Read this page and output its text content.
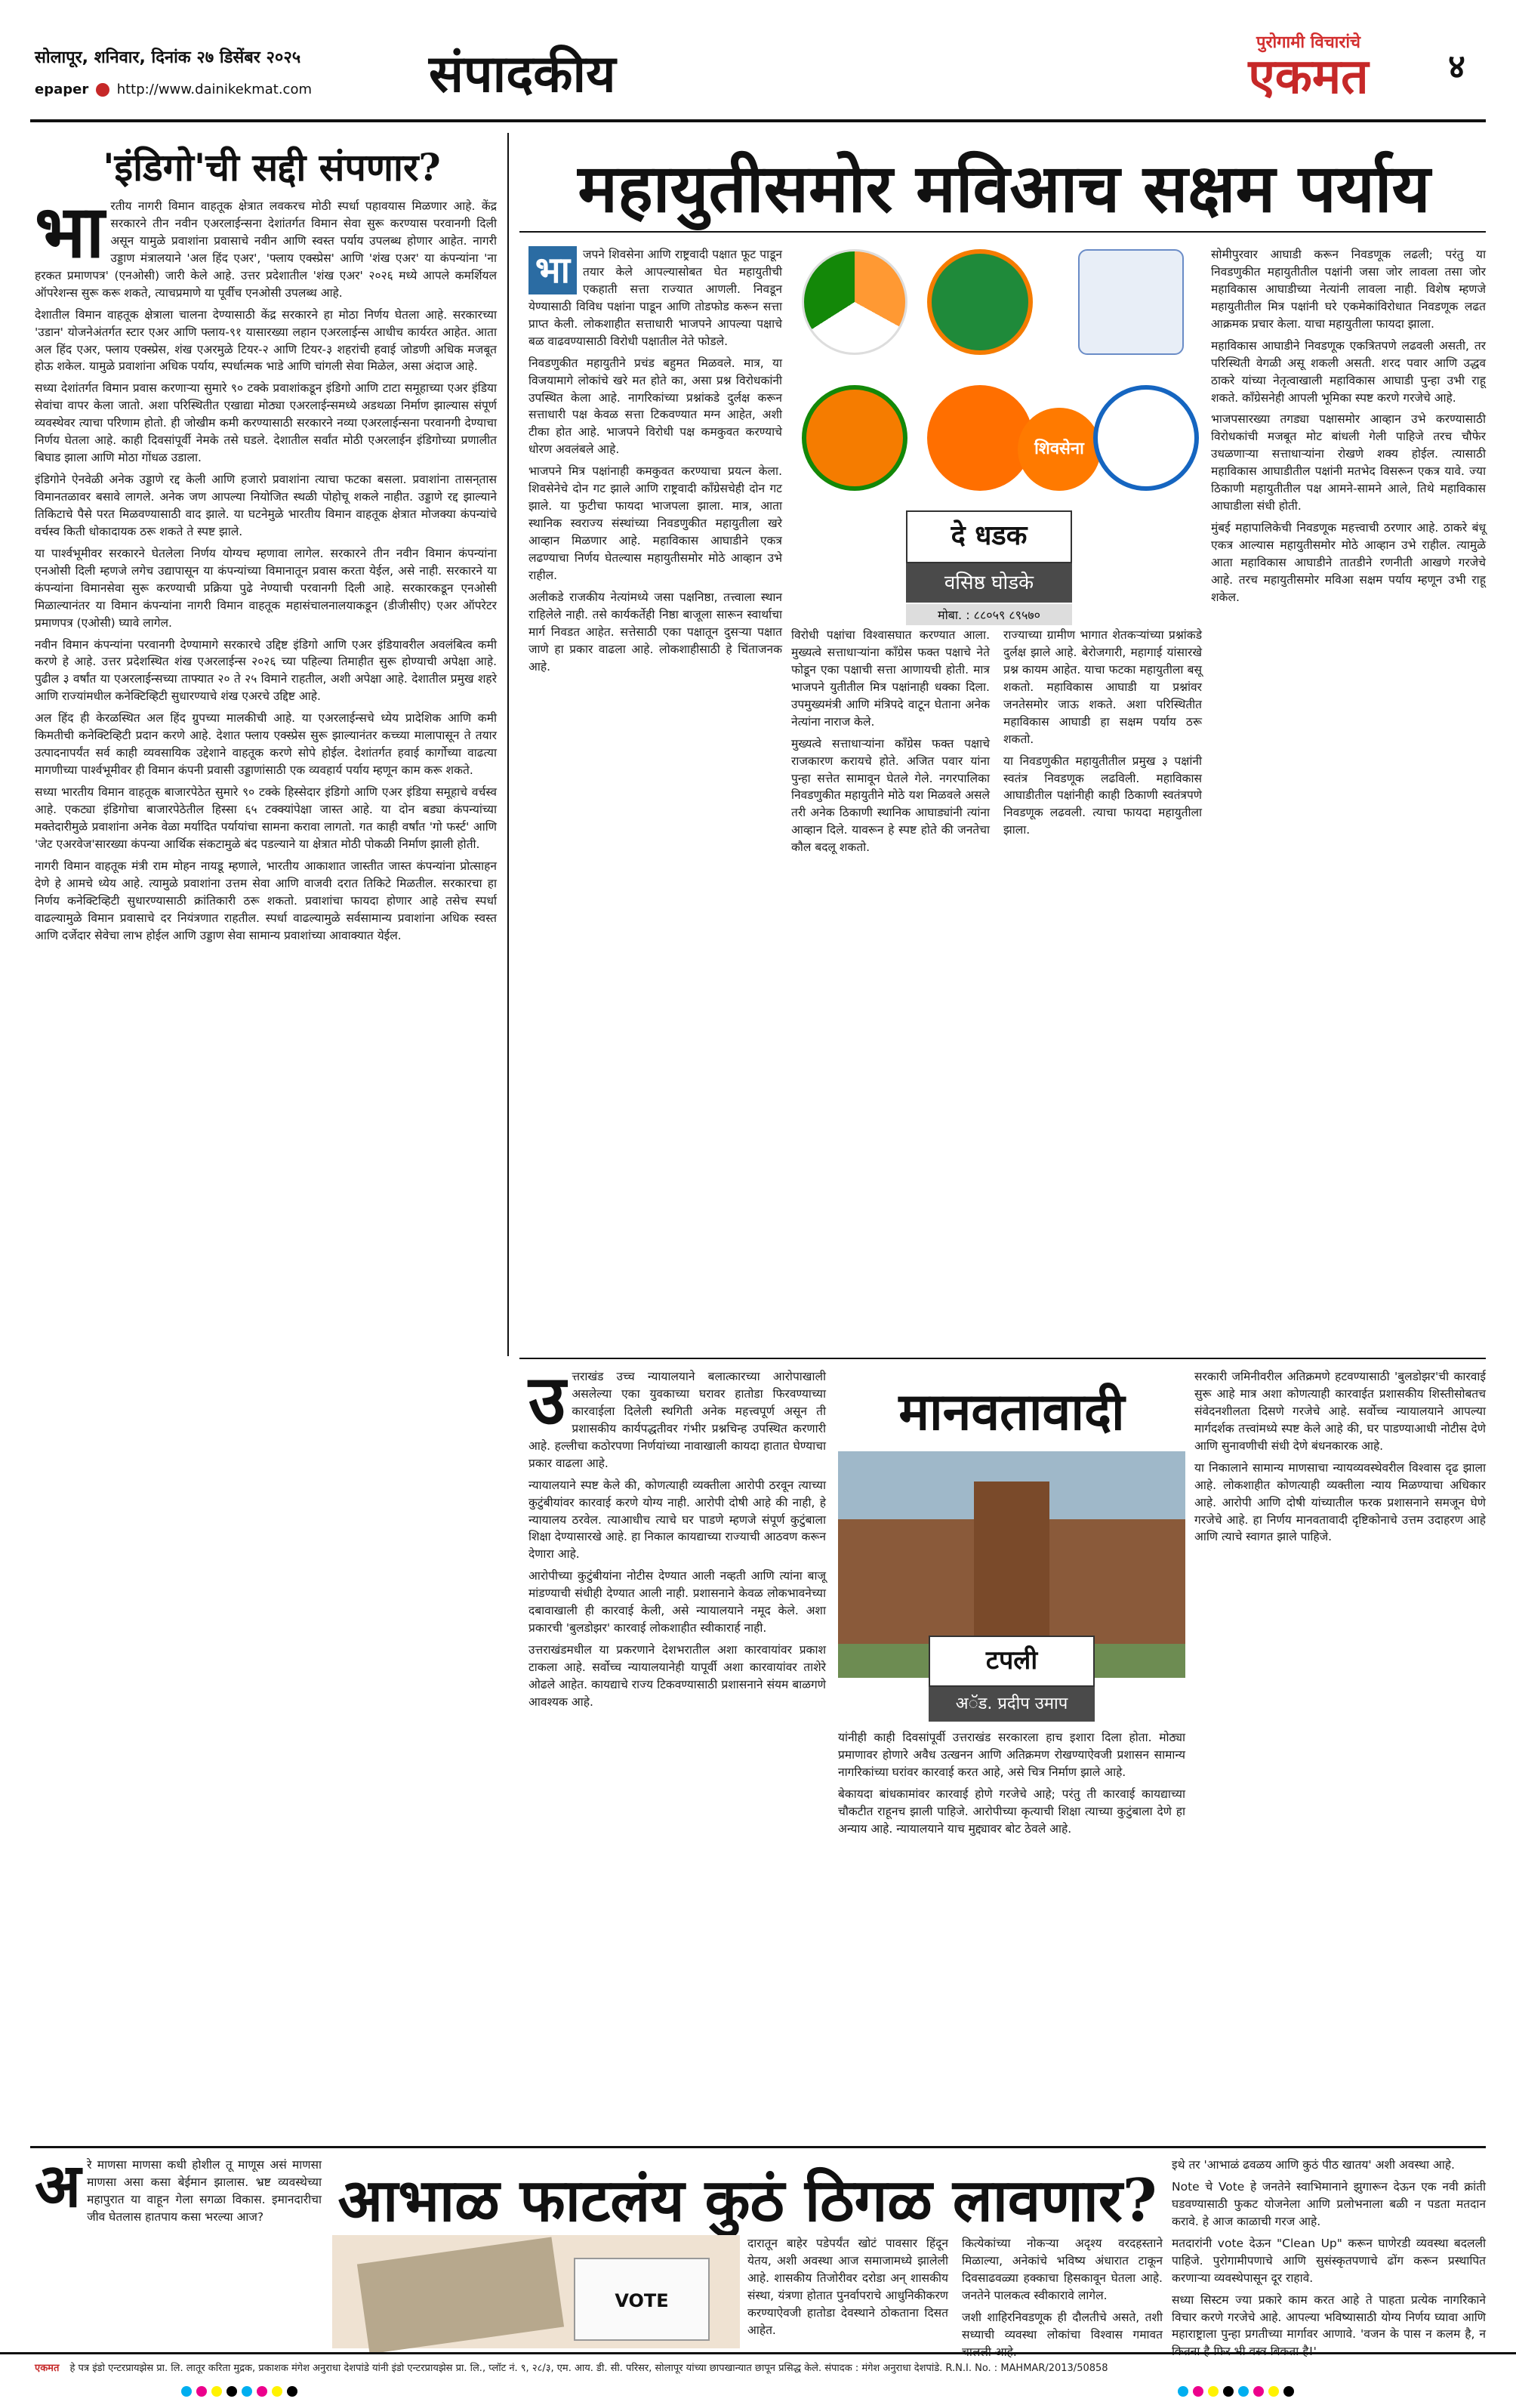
सोलापूर, शनिवार, दिनांक २७ डिसेंबर २०२५
epaper http://www.dainikekmat.com संपादकीय
पुरोगामी विचारांचे
एकमत	४
'इंडिगो'ची सद्दी संपणार?
भा रतीय नागरी विमान वाहतूक क्षेत्रात लवकरच मोठी स्पर्धा पहावयास मिळणार आहे. केंद्र सरकारने तीन नवीन एअरलाईन्सना देशांतर्गत विमान सेवा सुरू करण्यास परवानगी दिली असून यामुळे प्रवाशांना प्रवासाचे नवीन आणि स्वस्त पर्याय उपलब्ध होणार आहेत. नागरी उड्डाण मंत्रालयाने 'अल हिंद एअर', 'फ्लाय एक्स्प्रेस' आणि 'शंख एअर' या कंपन्यांना 'ना हरकत प्रमाणपत्र' (एनओसी) जारी केले आहे. उत्तर प्रदेशातील 'शंख एअर' २०२६ मध्ये आपले कमर्शियल ऑपरेशन्स सुरू करू शकते, त्याचप्रमाणे या पूर्वीच एनओसी उपलब्ध आहे.

देशातील विमान वाहतूक क्षेत्राला चालना देण्यासाठी केंद्र सरकारने हा मोठा निर्णय घेतला आहे. सरकारच्या 'उडान' योजनेअंतर्गत स्टार एअर आणि फ्लाय-९१ यासारख्या लहान एअरलाईन्स आधीच कार्यरत आहेत. आता अल हिंद एअर, फ्लाय एक्स्प्रेस, शंख एअरमुळे टियर-२ आणि टियर-३ शहरांची हवाई जोडणी अधिक मजबूत होऊ शकेल. यामुळे प्रवाशांना अधिक पर्याय, स्पर्धात्मक भाडे आणि चांगली सेवा मिळेल, असा अंदाज आहे.

सध्या देशांतर्गत विमान प्रवास करणाऱ्या सुमारे ९० टक्के प्रवाशांकडून इंडिगो आणि टाटा समूहाच्या एअर इंडिया सेवांचा वापर केला जातो. अशा परिस्थितीत एखाद्या मोठ्या एअरलाईन्समध्ये अडथळा निर्माण झाल्यास संपूर्ण व्यवस्थेवर त्याचा परिणाम होतो. ही जोखीम कमी करण्यासाठी सरकारने नव्या एअरलाईन्सना परवानगी देण्याचा निर्णय घेतला आहे. काही दिवसांपूर्वी नेमके तसे घडले. देशातील सर्वांत मोठी एअरलाईन इंडिगोच्या प्रणालीत बिघाड झाला आणि मोठा गोंधळ उडाला.

इंडिगोने ऐनवेळी अनेक उड्डाणे रद्द केली आणि हजारो प्रवाशांना त्याचा फटका बसला. प्रवाशांना तासन्‌तास विमानतळावर बसावे लागले. अनेक जण आपल्या नियोजित स्थळी पोहोचू शकले नाहीत. उड्डाणे रद्द झाल्याने तिकिटाचे पैसे परत मिळवण्यासाठी वाद झाले. या घटनेमुळे भारतीय विमान वाहतूक क्षेत्रात मोजक्या कंपन्यांचे वर्चस्व किती धोकादायक ठरू शकते ते स्पष्ट झाले.

या पार्श्वभूमीवर सरकारने घेतलेला निर्णय योग्यच म्हणावा लागेल. सरकारने तीन नवीन विमान कंपन्यांना एनओसी दिली म्हणजे लगेच उद्यापासून या कंपन्यांच्या विमानातून प्रवास करता येईल, असे नाही. सरकारने या कंपन्यांना विमानसेवा सुरू करण्याची प्रक्रिया पुढे नेण्याची परवानगी दिली आहे. सरकारकडून एनओसी मिळाल्यानंतर या विमान कंपन्यांना नागरी विमान वाहतूक महासंचालनालयाकडून (डीजीसीए) एअर ऑपरेटर प्रमाणपत्र (एओसी) घ्यावे लागेल.

नवीन विमान कंपन्यांना परवानगी देण्यामागे सरकारचे उद्दिष्ट इंडिगो आणि एअर इंडियावरील अवलंबित्व कमी करणे हे आहे. उत्तर प्रदेशस्थित शंख एअरलाईन्स २०२६ च्या पहिल्या तिमाहीत सुरू होण्याची अपेक्षा आहे. पुढील ३ वर्षांत या एअरलाईन्सच्या ताफ्यात २० ते २५ विमाने राहतील, अशी अपेक्षा आहे. देशातील प्रमुख शहरे आणि राज्यांमधील कनेक्टिव्हिटी सुधारण्याचे शंख एअरचे उद्दिष्ट आहे.

अल हिंद ही केरळस्थित अल हिंद ग्रुपच्या मालकीची आहे. या एअरलाईन्सचे ध्येय प्रादेशिक आणि कमी किमतीची कनेक्टिव्हिटी प्रदान करणे आहे. देशात फ्लाय एक्स्प्रेस सुरू झाल्यानंतर कच्च्या मालापासून ते तयार उत्पादनापर्यंत सर्व काही व्यवसायिक उद्देशाने वाहतूक करणे सोपे होईल. देशांतर्गत हवाई कार्गोच्या वाढत्या मागणीच्या पार्श्वभूमीवर ही विमान कंपनी प्रवासी उड्डाणांसाठी एक व्यवहार्य पर्याय म्हणून काम करू शकते.

सध्या भारतीय विमान वाहतूक बाजारपेठेत सुमारे ९० टक्के हिस्सेदार इंडिगो आणि एअर इंडिया समूहाचे वर्चस्व आहे. एकट्या इंडिगोचा बाजारपेठेतील हिस्सा ६५ टक्क्यांपेक्षा जास्त आहे. या दोन बड्या कंपन्यांच्या मक्तेदारीमुळे प्रवाशांना अनेक वेळा मर्यादित पर्यायांचा सामना करावा लागतो. गत काही वर्षांत 'गो फर्स्ट' आणि 'जेट एअरवेज'सारख्या कंपन्या आर्थिक संकटामुळे बंद पडल्याने या क्षेत्रात मोठी पोकळी निर्माण झाली होती.

नागरी विमान वाहतूक मंत्री राम मोहन नायडू म्हणाले, भारतीय आकाशात जास्तीत जास्त कंपन्यांना प्रोत्साहन देणे हे आमचे ध्येय आहे. त्यामुळे प्रवाशांना उत्तम सेवा आणि वाजवी दरात तिकिटे मिळतील. सरकारचा हा निर्णय कनेक्टिव्हिटी सुधारण्यासाठी क्रांतिकारी ठरू शकतो. प्रवाशांचा फायदा होणार आहे तसेच स्पर्धा वाढल्यामुळे विमान प्रवासाचे दर नियंत्रणात राहतील. स्पर्धा वाढल्यामुळे सर्वसामान्य प्रवाशांना अधिक स्वस्त आणि दर्जेदार सेवेचा लाभ होईल आणि उड्डाण सेवा सामान्य प्रवाशांच्या आवाक्यात येईल.

महायुतीसमोर मविआच सक्षम पर्याय
भा	जपने शिवसेना आणि राष्ट्रवादी पक्षात फूट पाडून तयार केले आपल्यासोबत घेत महायुतीची एकहाती सत्ता राज्यात आणली. निवडून येण्यासाठी विविध पक्षांना पाडून आणि तोडफोड करून सत्ता प्राप्त केली. लोकशाहीत सत्ताधारी भाजपने आपल्या पक्षाचे बळ वाढवण्यासाठी विरोधी पक्षातील नेते फोडले.

निवडणुकीत महायुतीने प्रचंड बहुमत मिळवले. मात्र, या विजयामागे लोकांचे खरे मत होते का, असा प्रश्न विरोधकांनी उपस्थित केला आहे. नागरिकांच्या प्रश्नांकडे दुर्लक्ष करून सत्ताधारी पक्ष केवळ सत्ता टिकवण्यात मग्न आहेत, अशी टीका होत आहे. भाजपने विरोधी पक्ष कमकुवत करण्याचे धोरण अवलंबले आहे.

भाजपने मित्र पक्षांनाही कमकुवत करण्याचा प्रयत्न केला. शिवसेनेचे दोन गट झाले आणि राष्ट्रवादी काँग्रेसचेही दोन गट झाले. या फुटीचा फायदा भाजपला झाला. मात्र, आता स्थानिक स्वराज्य संस्थांच्या निवडणुकीत महायुतीला खरे आव्हान मिळणार आहे. महाविकास आघाडीने एकत्र लढण्याचा निर्णय घेतल्यास महायुतीसमोर मोठे आव्हान उभे राहील.

अलीकडे राजकीय नेत्यांमध्ये जसा पक्षनिष्ठा, तत्त्वाला स्थान राहिलेले नाही. तसे कार्यकर्तेही निष्ठा बाजूला सारून स्वार्थाचा मार्ग निवडत आहेत. सत्तेसाठी एका पक्षातून दुसऱ्या पक्षात जाणे हा प्रकार वाढला आहे. लोकशाहीसाठी हे चिंताजनक आहे.

शिवसेना
दे धडक
वसिष्ठ घोडके
मोबा. : ८८०५९ ८९५७०

विरोधी पक्षांचा विश्वासघात करण्यात आला. मुख्यत्वे सत्ताधाऱ्यांना काँग्रेस फक्त पक्षाचे नेते फोडून एका पक्षाची सत्ता आणायची होती. मात्र भाजपने युतीतील मित्र पक्षांनाही धक्का दिला. उपमुख्यमंत्री आणि मंत्रिपदे वाटून घेताना अनेक नेत्यांना नाराज केले.

मुख्यत्वे सत्ताधाऱ्यांना काँग्रेस फक्त पक्षाचे राजकारण करायचे होते. अजित पवार यांना पुन्हा सत्तेत सामावून घेतले गेले. नगरपालिका निवडणुकीत महायुतीने मोठे यश मिळवले असले तरी अनेक ठिकाणी स्थानिक आघाड्यांनी त्यांना आव्हान दिले. यावरून हे स्पष्ट होते की जनतेचा कौल बदलू शकतो.

राज्याच्या ग्रामीण भागात शेतकऱ्यांच्या प्रश्नांकडे दुर्लक्ष झाले आहे. बेरोजगारी, महागाई यांसारखे प्रश्न कायम आहेत. याचा फटका महायुतीला बसू शकतो. महाविकास आघाडी या प्रश्नांवर जनतेसमोर जाऊ शकते. अशा परिस्थितीत महाविकास आघाडी हा सक्षम पर्याय ठरू शकतो.

या निवडणुकीत महायुतीतील प्रमुख ३ पक्षांनी स्वतंत्र निवडणूक लढविली. महाविकास आघाडीतील पक्षांनीही काही ठिकाणी स्वतंत्रपणे निवडणूक लढवली. त्याचा फायदा महायुतीला झाला.

सोमीपुरवार आघाडी करून निवडणूक लढली; परंतु या निवडणुकीत महायुतीतील पक्षांनी जसा जोर लावला तसा जोर महाविकास आघाडीच्या नेत्यांनी लावला नाही. विशेष म्हणजे महायुतीतील मित्र पक्षांनी घरे एकमेकांविरोधात निवडणूक लढत आक्रमक प्रचार केला. याचा महायुतीला फायदा झाला.

महाविकास आघाडीने निवडणूक एकत्रितपणे लढवली असती, तर परिस्थिती वेगळी असू शकली असती. शरद पवार आणि उद्धव ठाकरे यांच्या नेतृत्वाखाली महाविकास आघाडी पुन्हा उभी राहू शकते. काँग्रेसनेही आपली भूमिका स्पष्ट करणे गरजेचे आहे.

भाजपसारख्या तगड्या पक्षासमोर आव्हान उभे करण्यासाठी विरोधकांची मजबूत मोट बांधली गेली पाहिजे तरच चौफेर उधळणाऱ्या सत्ताधाऱ्यांना रोखणे शक्य होईल. त्यासाठी महाविकास आघाडीतील पक्षांनी मतभेद विसरून एकत्र यावे. ज्या ठिकाणी महायुतीतील पक्ष आमने-सामने आले, तिथे महाविकास आघाडीला संधी होती.

मुंबई महापालिकेची निवडणूक महत्त्वाची ठरणार आहे. ठाकरे बंधू एकत्र आल्यास महायुतीसमोर मोठे आव्हान उभे राहील. त्यामुळे आता महाविकास आघाडीने तातडीने रणनीती आखणे गरजेचे आहे. तरच महायुतीसमोर मविआ सक्षम पर्याय म्हणून उभी राहू शकेल.

उ त्तराखंड उच्च न्यायालयाने बलात्कारच्या आरोपाखाली असलेल्या एका युवकाच्या घरावर हातोडा फिरवण्याच्या कारवाईला दिलेली स्थगिती अनेक महत्त्वपूर्ण असून ती प्रशासकीय कार्यपद्धतीवर गंभीर प्रश्नचिन्ह उपस्थित करणारी आहे. हल्लीचा कठोरपणा निर्णयांच्या नावाखाली कायदा हातात घेण्याचा प्रकार वाढला आहे.

न्यायालयाने स्पष्ट केले की, कोणत्याही व्यक्तीला आरोपी ठरवून त्याच्या कुटुंबीयांवर कारवाई करणे योग्य नाही. आरोपी दोषी आहे की नाही, हे न्यायालय ठरवेल. त्याआधीच त्याचे घर पाडणे म्हणजे संपूर्ण कुटुंबाला शिक्षा देण्यासारखे आहे. हा निकाल कायद्याच्या राज्याची आठवण करून देणारा आहे.

आरोपीच्या कुटुंबीयांना नोटीस देण्यात आली नव्हती आणि त्यांना बाजू मांडण्याची संधीही देण्यात आली नाही. प्रशासनाने केवळ लोकभावनेच्या दबावाखाली ही कारवाई केली, असे न्यायालयाने नमूद केले. अशा प्रकारची 'बुलडोझर' कारवाई लोकशाहीत स्वीकारार्ह नाही.

उत्तराखंडमधील या प्रकरणाने देशभरातील अशा कारवायांवर प्रकाश टाकला आहे. सर्वोच्च न्यायालयानेही यापूर्वी अशा कारवायांवर ताशेरे ओढले आहेत. कायद्याचे राज्य टिकवण्यासाठी प्रशासनाने संयम बाळगणे आवश्यक आहे.

मानवतावादी
टपली
अॅड. प्रदीप उमाप

यांनीही काही दिवसांपूर्वी उत्तराखंड सरकारला हाच इशारा दिला होता. मोठ्या प्रमाणावर होणारे अवैध उत्खनन आणि अतिक्रमण रोखण्याऐवजी प्रशासन सामान्य नागरिकांच्या घरांवर कारवाई करत आहे, असे चित्र निर्माण झाले आहे.

बेकायदा बांधकामांवर कारवाई होणे गरजेचे आहे; परंतु ती कारवाई कायद्याच्या चौकटीत राहूनच झाली पाहिजे. आरोपीच्या कृत्याची शिक्षा त्याच्या कुटुंबाला देणे हा अन्याय आहे. न्यायालयाने याच मुद्द्यावर बोट ठेवले आहे.

सरकारी जमिनीवरील अतिक्रमणे हटवण्यासाठी 'बुलडोझर'ची कारवाई सुरू आहे मात्र अशा कोणत्याही कारवाईत प्रशासकीय शिस्तीसोबतच संवेदनशीलता दिसणे गरजेचे आहे. सर्वोच्च न्यायालयाने आपल्या मार्गदर्शक तत्त्वांमध्ये स्पष्ट केले आहे की, घर पाडण्याआधी नोटीस देणे आणि सुनावणीची संधी देणे बंधनकारक आहे.

या निकालाने सामान्य माणसाचा न्यायव्यवस्थेवरील विश्वास दृढ झाला आहे. लोकशाहीत कोणत्याही व्यक्तीला न्याय मिळण्याचा अधिकार आहे. आरोपी आणि दोषी यांच्यातील फरक प्रशासनाने समजून घेणे गरजेचे आहे. हा निर्णय मानवतावादी दृष्टिकोनाचे उत्तम उदाहरण आहे आणि त्याचे स्वागत झाले पाहिजे.

अ रे माणसा माणसा कधी होशील तू माणूस असं माणसा माणसा असा कसा बेईमान झालास. भ्रष्ट व्यवस्थेच्या महापुरात या वाहून गेला सगळा विकास. इमानदारीचा जीव घेतलास हातपाय कसा भरल्या आज?	आभाळ फाटलंय कुठं ठिगळ लावणार?
VOTE

दारातून बाहेर पडेपर्यंत खोटं पावसार हिंदून येतय, अशी अवस्था आज समाजामध्ये झालेली आहे. शासकीय तिजोरीवर दरोडा अन् शासकीय संस्था, यंत्रणा होतात पुनर्वापराचे आधुनिकीकरण करण्याऐवजी हातोडा देवस्थाने ठोकताना दिसत आहेत.

कित्येकांच्या नोकऱ्या अदृश्य वरदहस्ताने मिळाल्या, अनेकांचे भविष्य अंधारात टाकून दिवसाढवळ्या हक्काचा हिसकावून घेतला आहे. जनतेने पालकत्व स्वीकारावे लागेल.

जशी शाहिरनिवडणूक ही दौलतीचे असते, तशी सध्याची व्यवस्था लोकांचा विश्वास गमावत चालली आहे.

इथे तर 'आभाळं ढवळय आणि कुठं पीठ खातय' अशी अवस्था आहे.

Note चे Vote हे जनतेने स्वाभिमानाने झुगारून देऊन एक नवी क्रांती घडवण्यासाठी फुकट योजनेला आणि प्रलोभनाला बळी न पडता मतदान करावे. हे आज काळाची गरज आहे.

मतदारांनी vote देऊन "Clean Up" करून घाणेरडी व्यवस्था बदलली पाहिजे. पुरोगामीपणाचे आणि सुसंस्कृतपणाचे ढोंग करून प्रस्थापित करणाऱ्या व्यवस्थेपासून दूर राहावे.

सध्या सिस्टम ज्या प्रकारे काम करत आहे ते पाहता प्रत्येक नागरिकाने विचार करणे गरजेचे आहे. आपल्या भविष्यासाठी योग्य निर्णय घ्यावा आणि महाराष्ट्राला पुन्हा प्रगतीच्या मार्गावर आणावे. 'वजन के पास न कलम है, न कितना है फिर भी वस्त्र बिकता है!'

एकमत हे पत्र इंडो एन्टरप्रायझेस प्रा. लि. लातूर करिता मुद्रक, प्रकाशक मंगेश अनुराधा देशपांडे यांनी इंडो एन्टरप्रायझेस प्रा. लि., प्लॉट नं. ९, २८/३, एम. आय. डी. सी. परिसर, सोलापूर यांच्या छापखान्यात छापून प्रसिद्ध केले. संपादक : मंगेश अनुराधा देशपांडे. R.N.I. No. : MAHMAR/2013/50858
